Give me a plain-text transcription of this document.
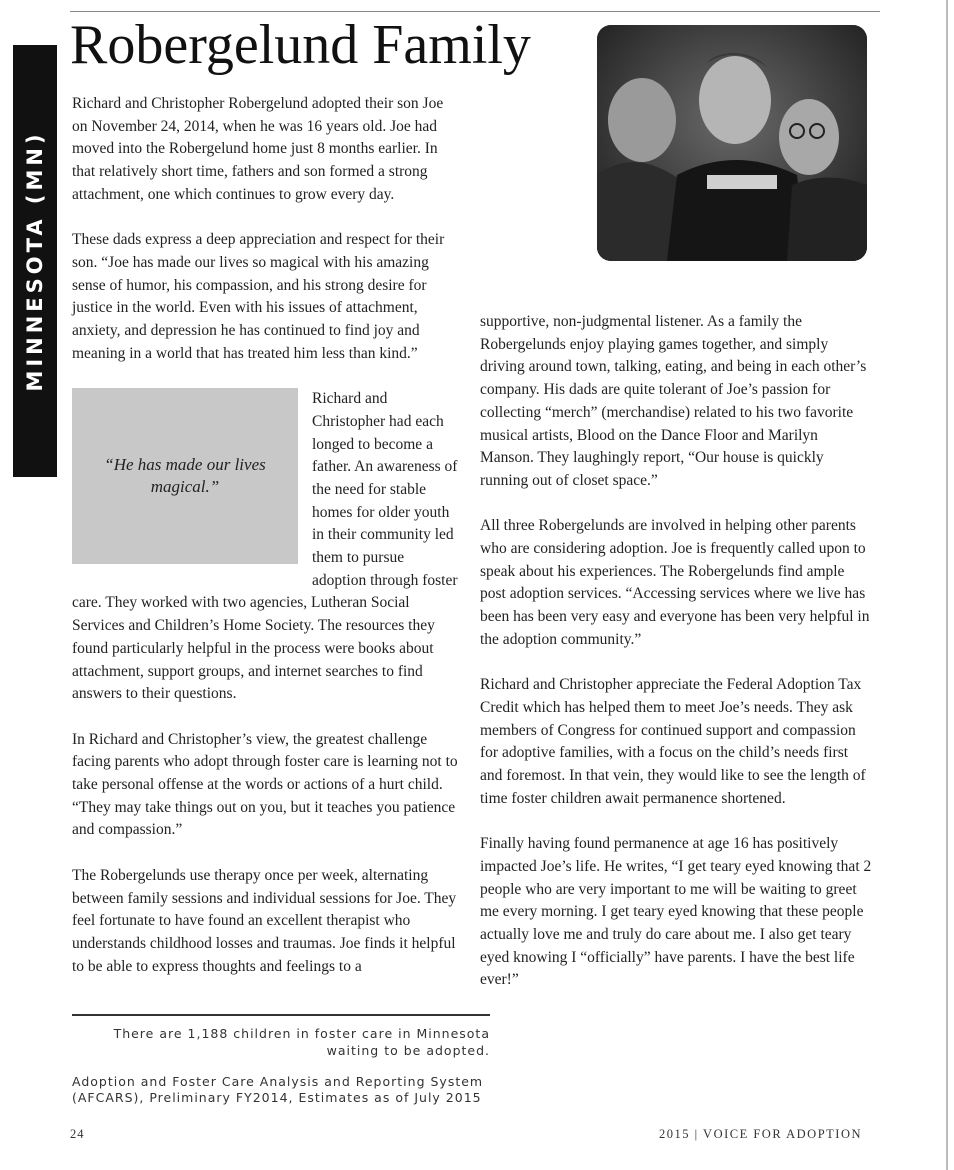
MINNESOTA (MN)
Robergelund Family

Richard and Christopher Robergelund adopted their son Joe on November 24, 2014, when he was 16 years old. Joe had moved into the Robergelund home just 8 months earlier. In that relatively short time, fathers and son formed a strong attachment, one which continues to grow every day.

These dads express a deep appreciation and respect for their son. “Joe has made our lives so magical with his amazing sense of humor, his compassion, and his strong desire for justice in the world. Even with his issues of attachment, anxiety, and depression he has continued to find joy and meaning in a world that has treated him less than kind.”

“He has made our lives magical.”

Richard and Christopher had each longed to become a father. An awareness of the need for stable homes for older youth in their community led them to pursue adoption through foster care. They worked with two agencies, Lutheran Social Services and Children’s Home Society. The resources they found particularly helpful in the process were books about attachment, support groups, and internet searches to find answers to their questions.

In Richard and Christopher’s view, the greatest challenge facing parents who adopt through foster care is learning not to take personal offense at the words or actions of a hurt child. “They may take things out on you, but it teaches you patience and compassion.”

The Robergelunds use therapy once per week, alternating between family sessions and individual sessions for Joe. They feel fortunate to have found an excellent therapist who understands childhood losses and traumas. Joe finds it helpful to be able to express thoughts and feelings to a

supportive, non-judgmental listener. As a family the Robergelunds enjoy playing games together, and simply driving around town, talking, eating, and being in each other’s company. His dads are quite tolerant of Joe’s passion for collecting “merch” (merchandise) related to his two favorite musical artists, Blood on the Dance Floor and Marilyn Manson. They laughingly report, “Our house is quickly running out of closet space.”

All three Robergelunds are involved in helping other parents who are considering adoption. Joe is frequently called upon to speak about his experiences. The Robergelunds find ample post adoption services. “Accessing services where we live has been has been very easy and everyone has been very helpful in the adoption community.”

Richard and Christopher appreciate the Federal Adoption Tax Credit which has helped them to meet Joe’s needs. They ask members of Congress for continued support and compassion for adoptive families, with a focus on the child’s needs first and foremost. In that vein, they would like to see the length of time foster children await permanence shortened.

Finally having found permanence at age 16 has positively impacted Joe’s life. He writes, “I get teary eyed knowing that 2 people who are very important to me will be waiting to greet me every morning. I get teary eyed knowing that these people actually love me and truly do care about me. I also get teary eyed knowing I “officially” have parents. I have the best life ever!”

There are 1,188 children in foster care in Minnesota waiting to be adopted.
Adoption and Foster Care Analysis and Reporting System (AFCARS), Preliminary FY2014, Estimates as of July 2015
24	2015 | VOICE FOR ADOPTION
